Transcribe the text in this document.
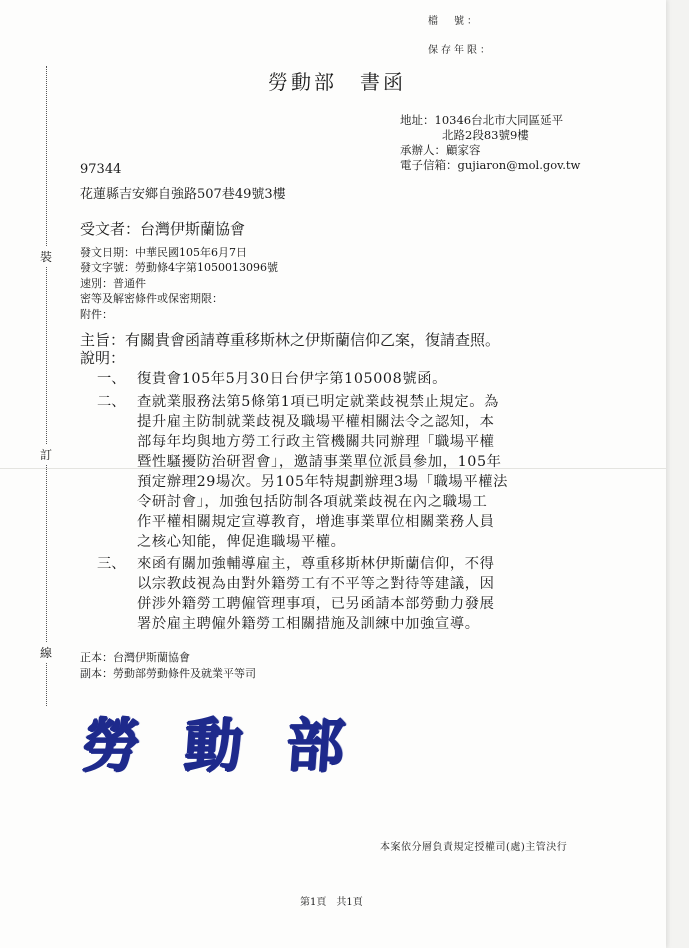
檔　號：
保存年限：
裝
訂
線
勞動部　書函
地址：10346台北市大同區延平
北路2段83號9樓
承辦人：顧家容
電子信箱：gujiaron@mol.gov.tw
97344
花蓮縣吉安鄉自強路507巷49號3樓
受文者：台灣伊斯蘭協會
發文日期：中華民國105年6月7日
發文字號：勞動條4字第1050013096號
速別：普通件
密等及解密條件或保密期限：
附件：
主旨：有關貴會函請尊重移斯林之伊斯蘭信仰乙案，復請查照。
說明：
一、 復貴會105年5月30日台伊字第105008號函。
二、 查就業服務法第5條第1項已明定就業歧視禁止規定。為
提升雇主防制就業歧視及職場平權相關法令之認知，本
部每年均與地方勞工行政主管機關共同辦理「職場平權
暨性騷擾防治研習會」，邀請事業單位派員參加，105年
預定辦理29場次。另105年特規劃辦理3場「職場平權法
令研討會」，加強包括防制各項就業歧視在內之職場工
作平權相關規定宣導教育，增進事業單位相關業務人員
之核心知能，俾促進職場平權。
三、 來函有關加強輔導雇主，尊重移斯林伊斯蘭信仰，不得
以宗教歧視為由對外籍勞工有不平等之對待等建議，因
併涉外籍勞工聘僱管理事項，已另函請本部勞動力發展
署於雇主聘僱外籍勞工相關措施及訓練中加強宣導。
正本：台灣伊斯蘭協會
副本：勞動部勞動條件及就業平等司
勞動部
本案依分層負責規定授權司(處)主管決行
第1頁　共1頁
